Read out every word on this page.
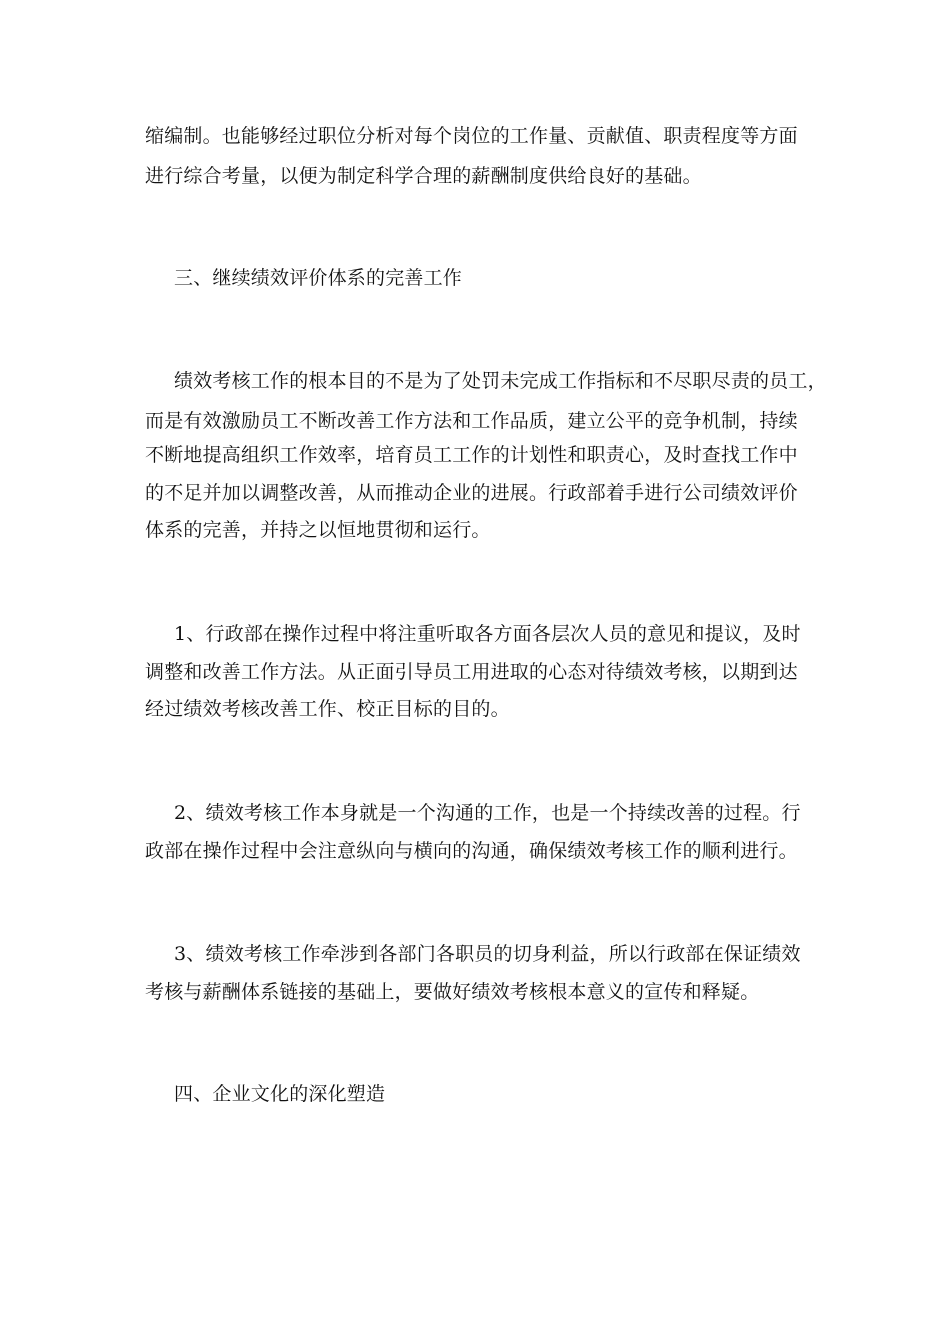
缩编制。也能够经过职位分析对每个岗位的工作量、贡献值、职责程度等方面
进行综合考量，以便为制定科学合理的薪酬制度供给良好的基础。
三、继续绩效评价体系的完善工作
绩效考核工作的根本目的不是为了处罚未完成工作指标和不尽职尽责的员工，
而是有效激励员工不断改善工作方法和工作品质，建立公平的竞争机制，持续
不断地提高组织工作效率，培育员工工作的计划性和职责心，及时查找工作中
的不足并加以调整改善，从而推动企业的进展。行政部着手进行公司绩效评价
体系的完善，并持之以恒地贯彻和运行。
1、行政部在操作过程中将注重听取各方面各层次人员的意见和提议，及时
调整和改善工作方法。从正面引导员工用进取的心态对待绩效考核，以期到达
经过绩效考核改善工作、校正目标的目的。
2、绩效考核工作本身就是一个沟通的工作，也是一个持续改善的过程。行
政部在操作过程中会注意纵向与横向的沟通，确保绩效考核工作的顺利进行。
3、绩效考核工作牵涉到各部门各职员的切身利益，所以行政部在保证绩效
考核与薪酬体系链接的基础上，要做好绩效考核根本意义的宣传和释疑。
四、企业文化的深化塑造
